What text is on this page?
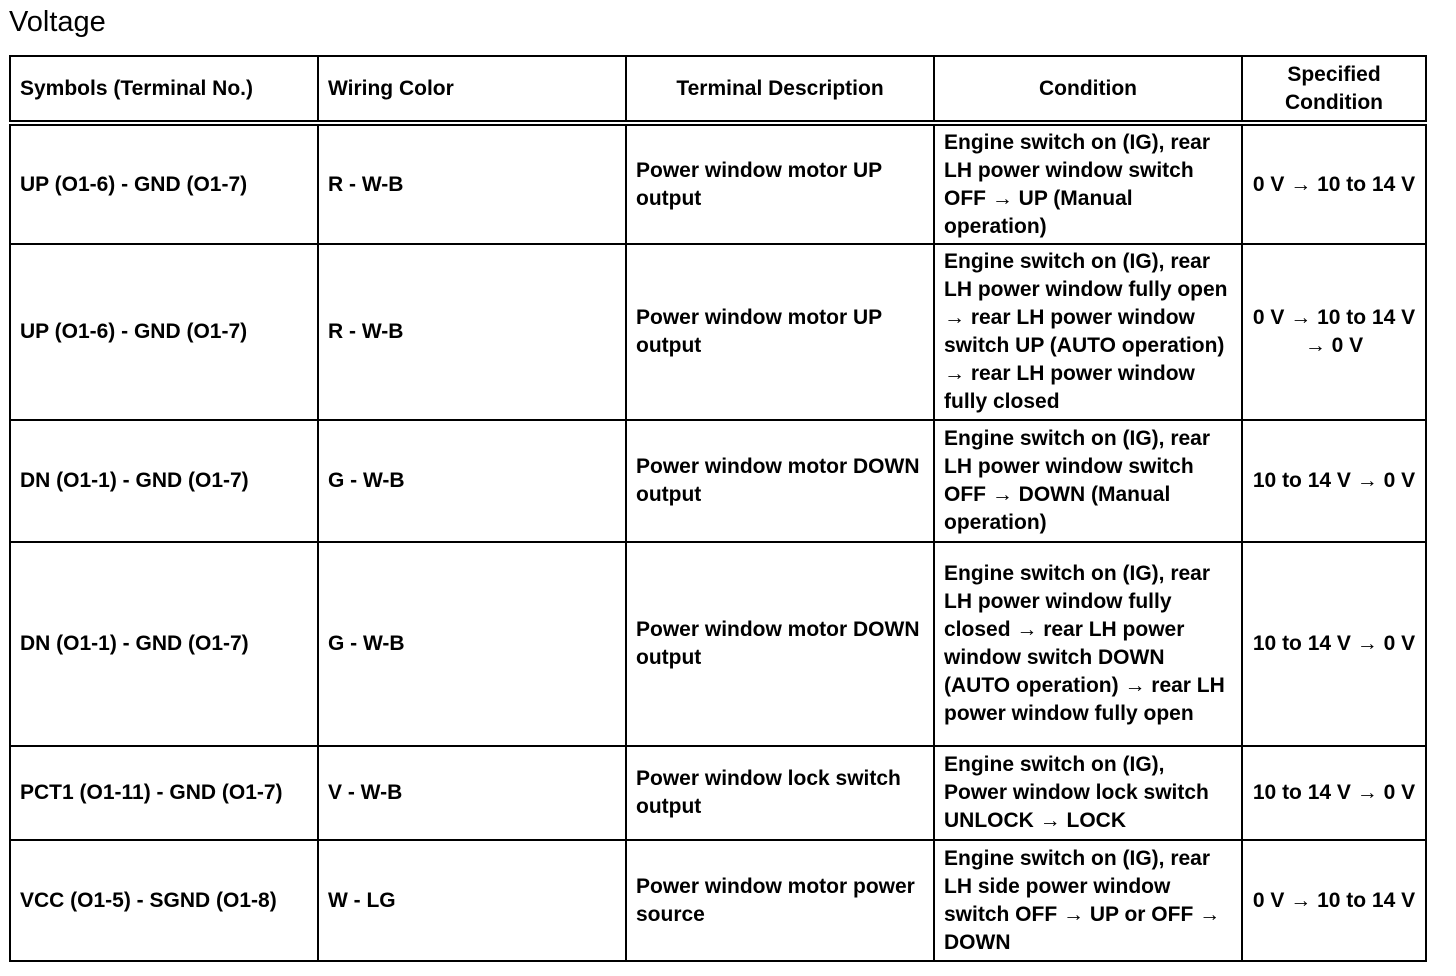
Voltage
Symbols (Terminal No.)	Wiring Color	Terminal Description	Condition	Specified Condition
UP (O1-6) - GND (O1-7)	R - W-B	Power window motor UP output	Engine switch on (IG), rear LH power window switch OFF → UP (Manual operation)	0 V → 10 to 14 V
UP (O1-6) - GND (O1-7)	R - W-B	Power window motor UP output	Engine switch on (IG), rear LH power window fully open → rear LH power window switch UP (AUTO operation) → rear LH power window fully closed	0 V → 10 to 14 V → 0 V
DN (O1-1) - GND (O1-7)	G - W-B	Power window motor DOWN output	Engine switch on (IG), rear LH power window switch OFF → DOWN (Manual operation)	10 to 14 V → 0 V
DN (O1-1) - GND (O1-7)	G - W-B	Power window motor DOWN output	Engine switch on (IG), rear LH power window fully closed → rear LH power window switch DOWN (AUTO operation) → rear LH power window fully open	10 to 14 V → 0 V
PCT1 (O1-11) - GND (O1-7)	V - W-B	Power window lock switch output	Engine switch on (IG), Power window lock switch UNLOCK → LOCK	10 to 14 V → 0 V
VCC (O1-5) - SGND (O1-8)	W - LG	Power window motor power source	Engine switch on (IG), rear LH side power window switch OFF → UP or OFF → DOWN	0 V → 10 to 14 V
